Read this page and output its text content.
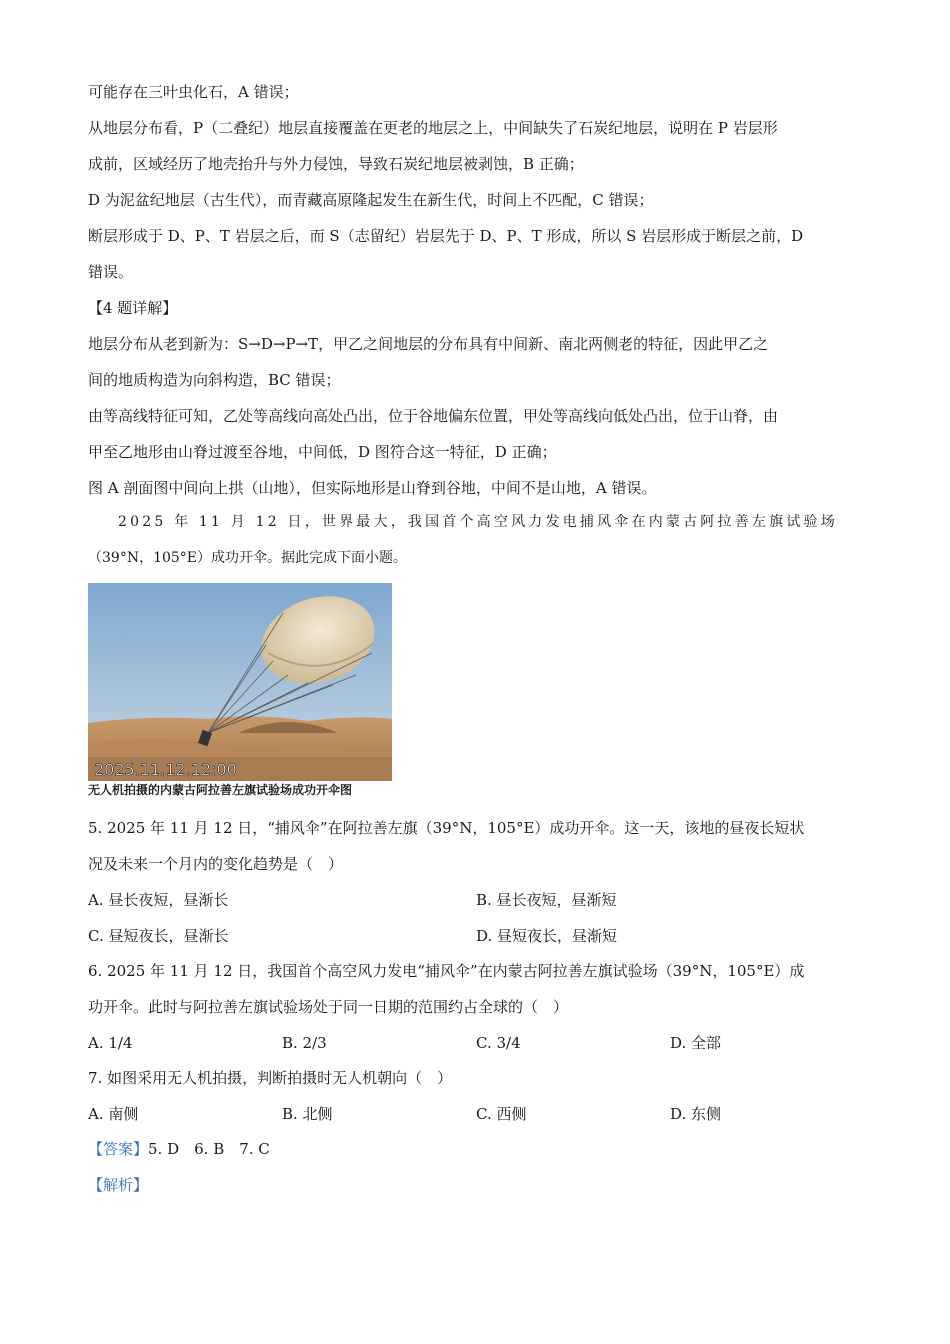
可能存在三叶虫化石，A 错误；
从地层分布看，P（二叠纪）地层直接覆盖在更老的地层之上，中间缺失了石炭纪地层，说明在 P 岩层形
成前，区域经历了地壳抬升与外力侵蚀，导致石炭纪地层被剥蚀，B 正确；
D 为泥盆纪地层（古生代），而青藏高原隆起发生在新生代，时间上不匹配，C 错误；
断层形成于 D、P、T 岩层之后，而 S（志留纪）岩层先于 D、P、T 形成，所以 S 岩层形成于断层之前，D
错误。
【4 题详解】
地层分布从老到新为：S→D→P→T，甲乙之间地层的分布具有中间新、南北两侧老的特征，因此甲乙之
间的地质构造为向斜构造，BC 错误；
由等高线特征可知，乙处等高线向高处凸出，位于谷地偏东位置，甲处等高线向低处凸出，位于山脊，由
甲至乙地形由山脊过渡至谷地，中间低，D 图符合这一特征，D 正确；
图 A 剖面图中间向上拱（山地），但实际地形是山脊到谷地，中间不是山地，A 错误。
2025 年 11 月 12 日，世界最大，我国首个高空风力发电捕风伞在内蒙古阿拉善左旗试验场
（39°N，105°E）成功开伞。据此完成下面小题。
2025.11.12.12:00
无人机拍摄的内蒙古阿拉善左旗试验场成功开伞图
5. 2025 年 11 月 12 日，“捕风伞”在阿拉善左旗（39°N，105°E）成功开伞。这一天，该地的昼夜长短状
况及未来一个月内的变化趋势是（　）
A. 昼长夜短，昼渐长	B. 昼长夜短，昼渐短
C. 昼短夜长，昼渐长	D. 昼短夜长，昼渐短
6. 2025 年 11 月 12 日，我国首个高空风力发电“捕风伞”在内蒙古阿拉善左旗试验场（39°N，105°E）成
功开伞。此时与阿拉善左旗试验场处于同一日期的范围约占全球的（　）
A. 1/4	B. 2/3	C. 3/4	D. 全部
7. 如图采用无人机拍摄，判断拍摄时无人机朝向（　）
A. 南侧	B. 北侧	C. 西侧	D. 东侧
【答案】5. D　6. B　7. C
【解析】
